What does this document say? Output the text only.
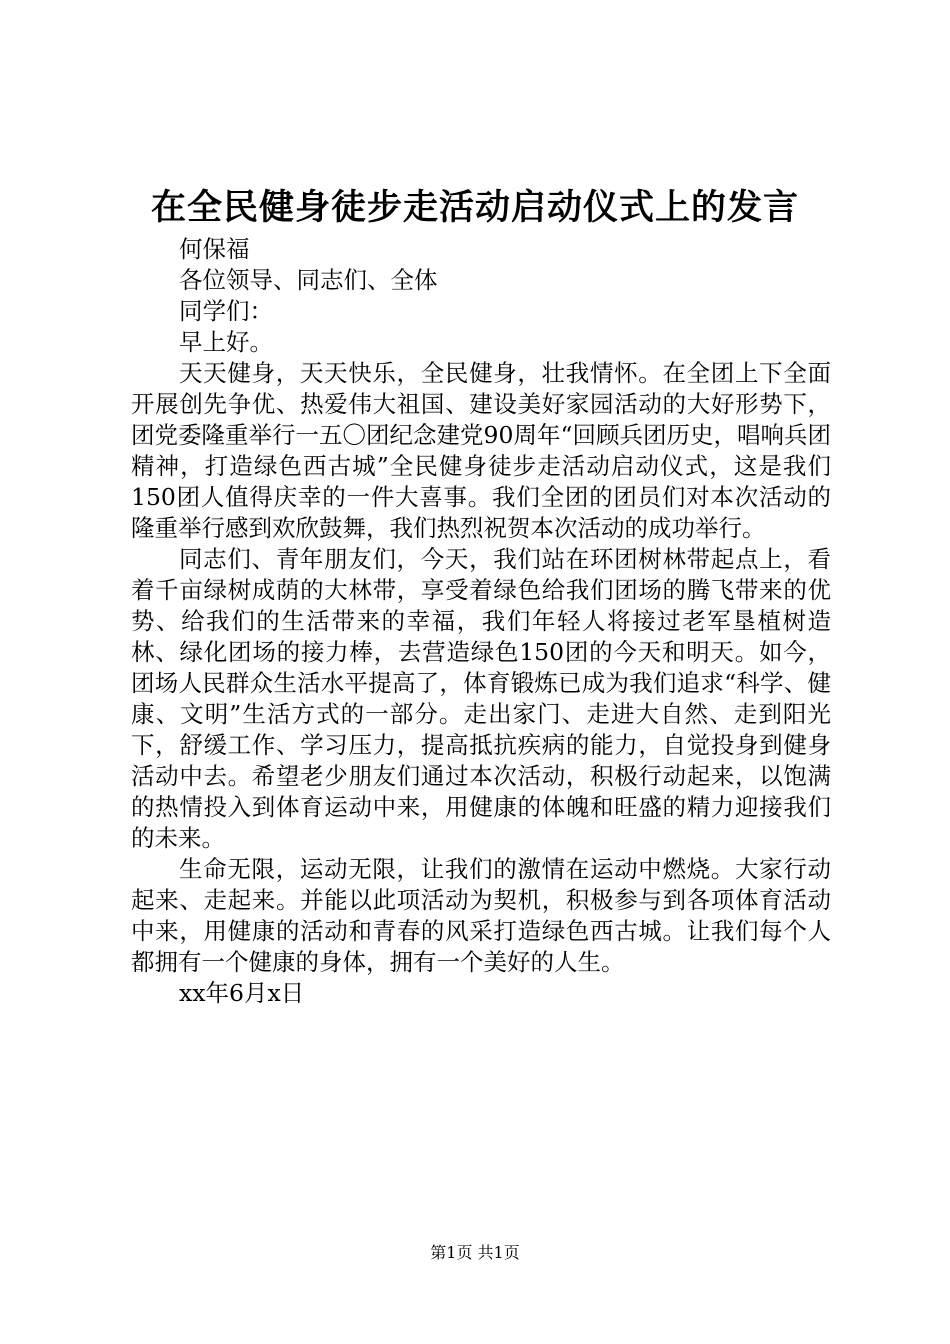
在全民健身徒步走活动启动仪式上的发言

何保福

各位领导、同志们、全体

同学们：

早上好。

天天健身，天天快乐，全民健身，壮我情怀。在全团上下全面开展创先争优、热爱伟大祖国、建设美好家园活动的大好形势下，团党委隆重举行一五〇团纪念建党90周年“回顾兵团历史，唱响兵团精神，打造绿色西古城”全民健身徒步走活动启动仪式，这是我们150团人值得庆幸的一件大喜事。我们全团的团员们对本次活动的隆重举行感到欢欣鼓舞，我们热烈祝贺本次活动的成功举行。

同志们、青年朋友们，今天，我们站在环团树林带起点上，看着千亩绿树成荫的大林带，享受着绿色给我们团场的腾飞带来的优势、给我们的生活带来的幸福，我们年轻人将接过老军垦植树造林、绿化团场的接力棒，去营造绿色150团的今天和明天。如今，团场人民群众生活水平提高了，体育锻炼已成为我们追求“科学、健康、文明”生活方式的一部分。走出家门、走进大自然、走到阳光下，舒缓工作、学习压力，提高抵抗疾病的能力，自觉投身到健身活动中去。希望老少朋友们通过本次活动，积极行动起来，以饱满的热情投入到体育运动中来，用健康的体魄和旺盛的精力迎接我们的未来。

生命无限，运动无限，让我们的激情在运动中燃烧。大家行动起来、走起来。并能以此项活动为契机，积极参与到各项体育活动中来，用健康的活动和青春的风采打造绿色西古城。让我们每个人都拥有一个健康的身体，拥有一个美好的人生。

xx年6月x日

第1页 共1页
